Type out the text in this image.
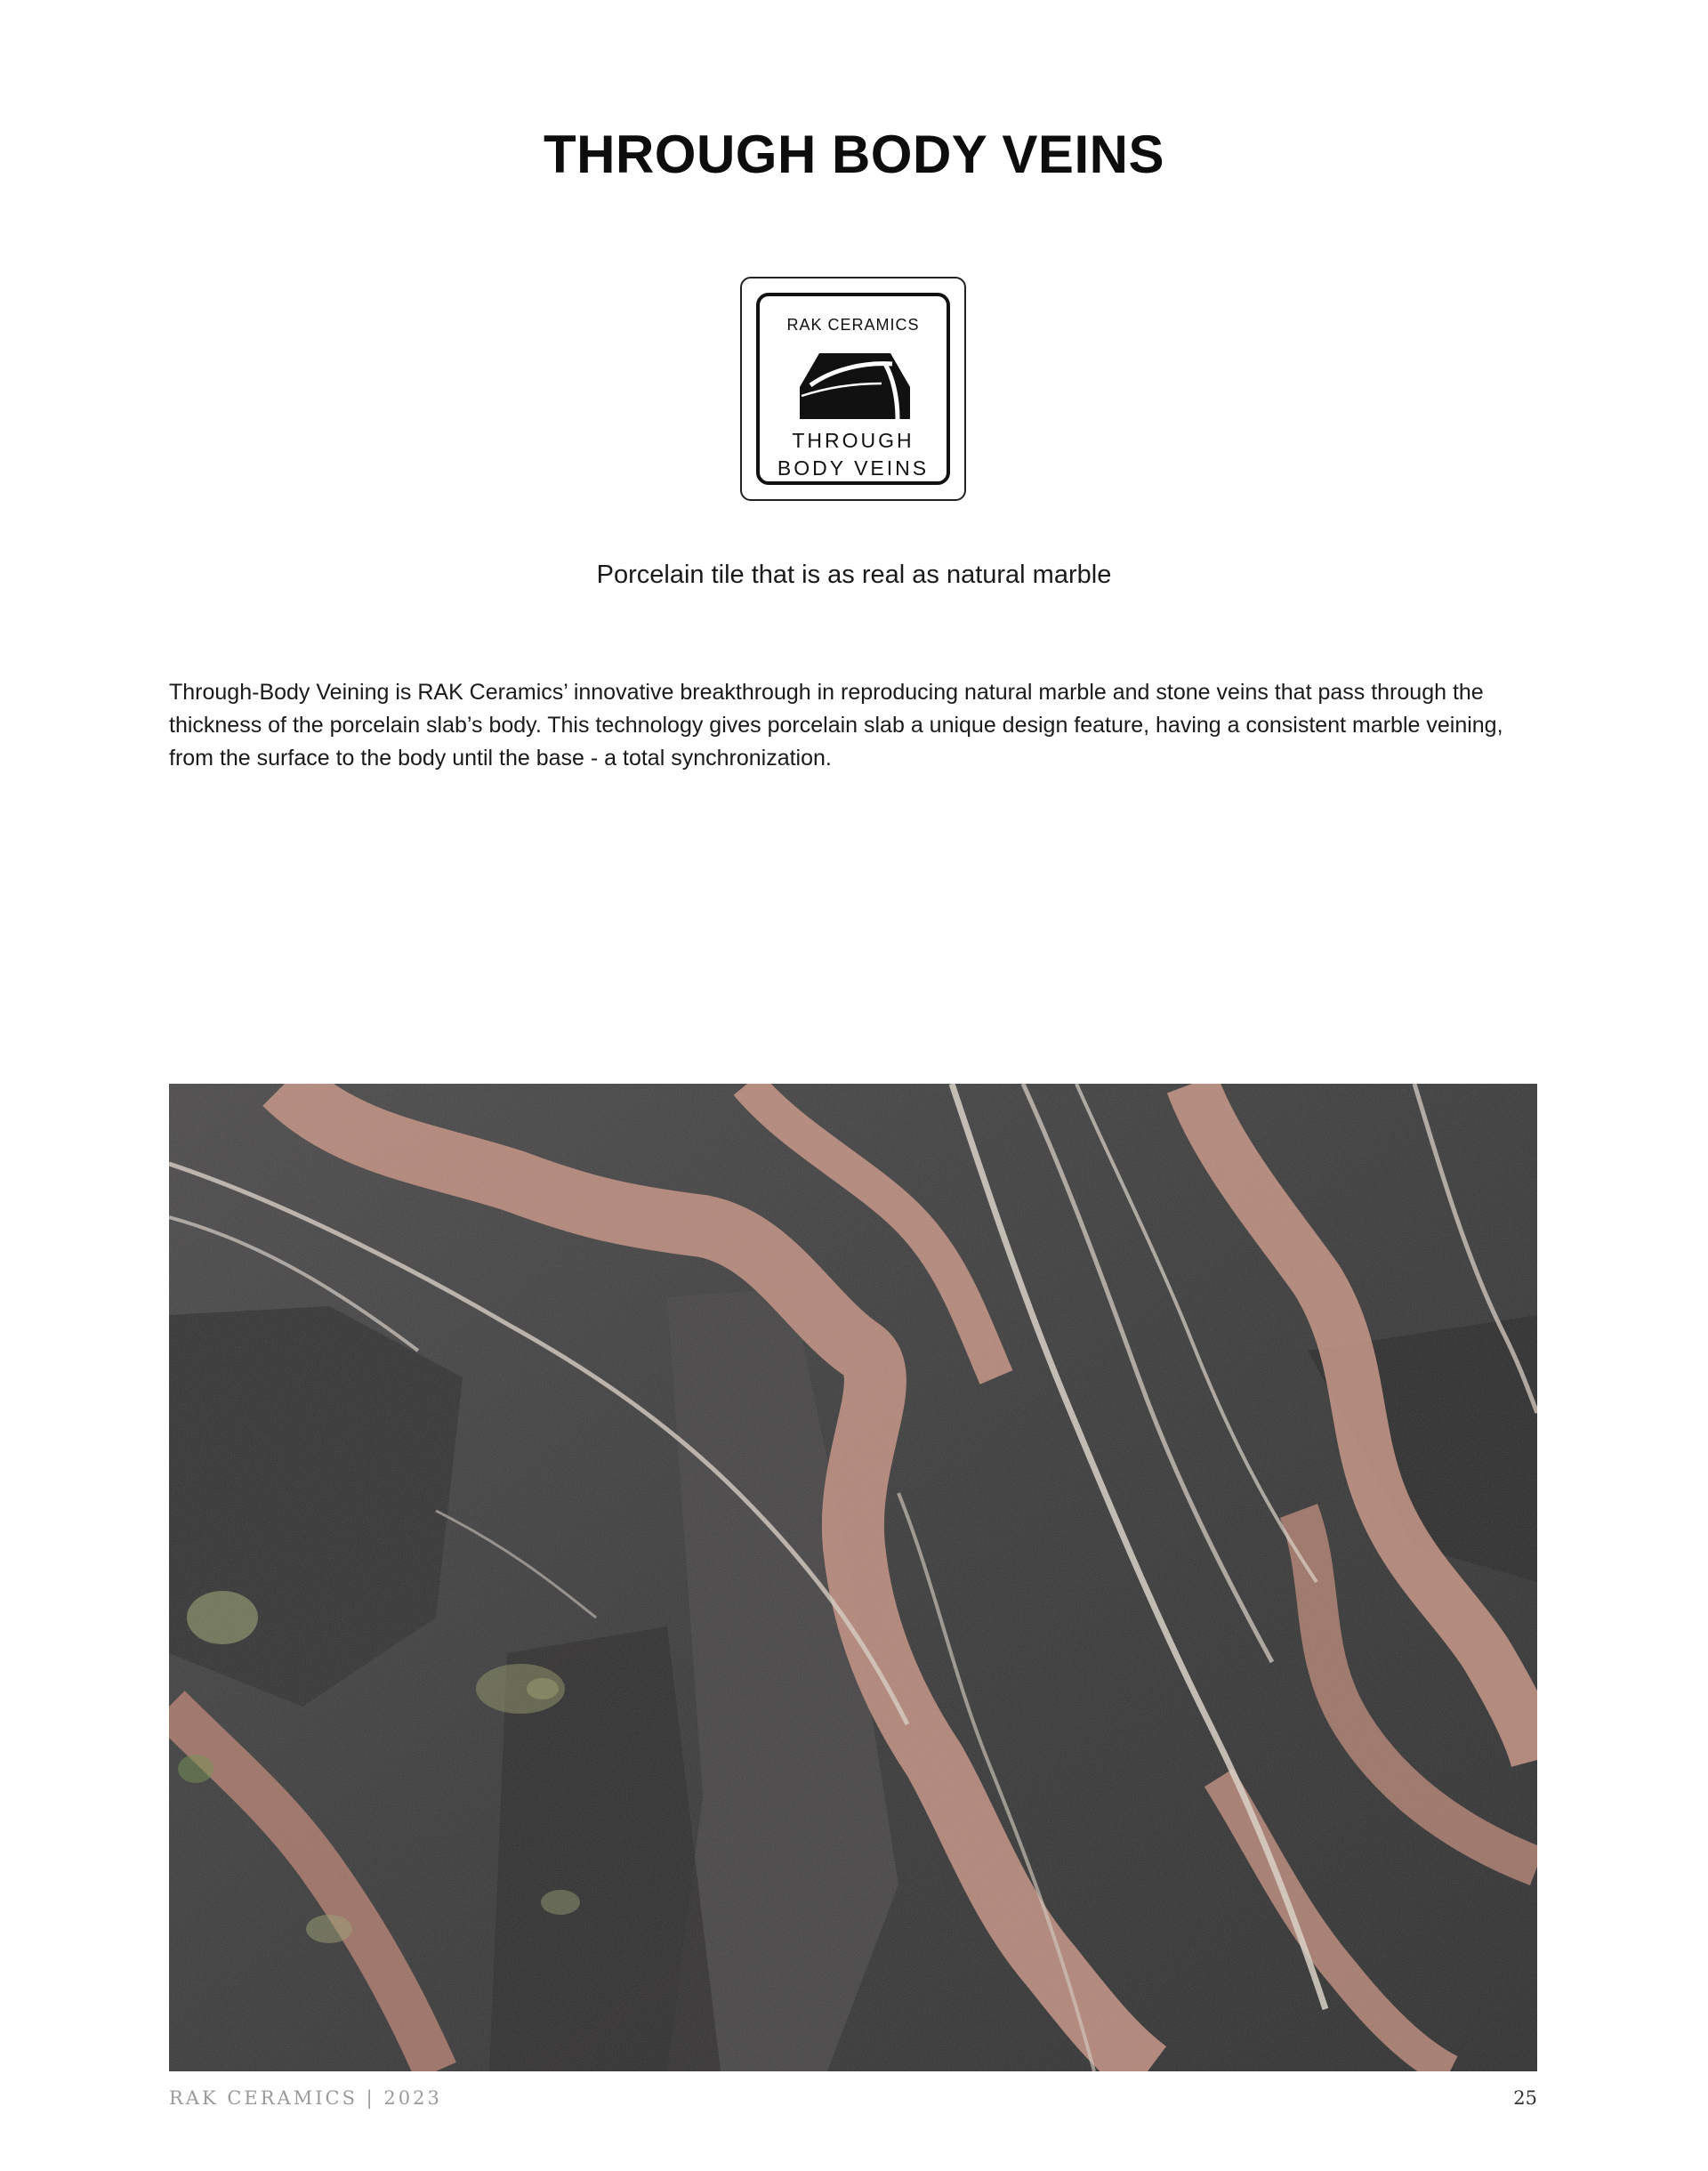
THROUGH BODY VEINS
RAK CERAMICS
THROUGH
BODY VEINS

Porcelain tile that is as real as natural marble

Through-Body Veining is RAK Ceramics’ innovative breakthrough in reproducing natural marble and stone veins that pass through the thickness of the porcelain slab’s body. This technology gives porcelain slab a unique design feature, having a consistent marble veining, from the surface to the body until the base - a total synchronization.

RAK CERAMICS | 2023	25
